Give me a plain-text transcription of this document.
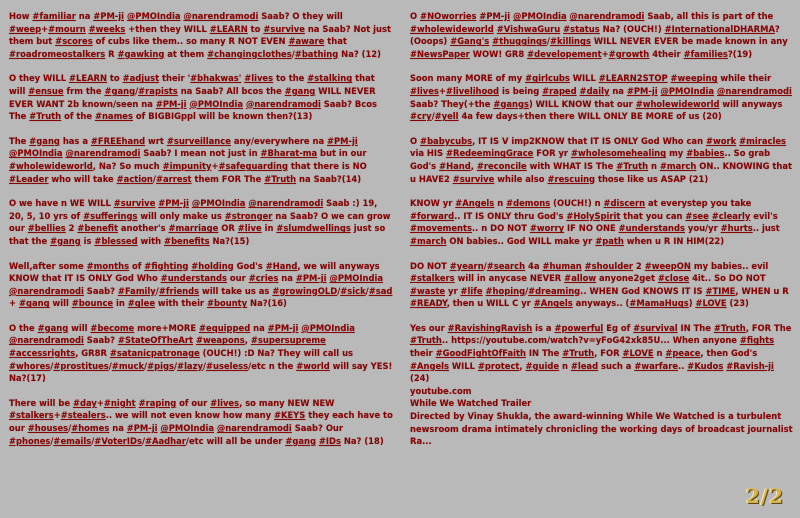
How #familiar na #PM-ji @PMOIndia @narendramodi Saab? O they will #weep+#mourn #weeks +then they WILL #LEARN to #survive na Saab? Not just them but #scores of cubs like them.. so many R NOT EVEN #aware that #roadromeostalkers R #gawking at them #changingclothes/#bathing Na? (12)

O they WILL #LEARN to #adjust their '#bhakwas' #lives to the #stalking that will #ensue frm the #gang/#rapists na Saab? All bcos the #gang WILL NEVER EVER WANT 2b known/seen na #PM-ji @PMOIndia @narendramodi Saab? Bcos The #Truth of the #names of BIGBIGppl will be known then?(13)

The #gang has a #FREEhand wrt #surveillance any/everywhere na #PM-ji @PMOIndia @narendramodi Saab? I mean not just in #Bharat-ma but in our #wholewideworld, Na? So much #impunity+#safeguarding that there is NO #Leader who will take #action/#arrest them FOR The #Truth na Saab?(14)

O we have n WE WILL #survive #PM-ji @PMOIndia @narendramodi Saab :) 19, 20, 5, 10 yrs of #sufferings will only make us #stronger na Saab? O we can grow our #bellies 2 #benefit another's #marriage OR #live in #slumdwellings just so that the #gang is #blessed with #benefits Na?(15)

Well,after some #months of #fighting #holding God's #Hand, we will anyways KNOW that IT IS ONLY God Who #understands our #cries na #PM-ji @PMOIndia @narendramodi Saab? #Family/#friends will take us as #growingOLD/#sick/#sad + #gang will #bounce in #glee with their #bounty Na?(16)

O the #gang will #become more+MORE #equipped na #PM-ji @PMOIndia @narendramodi Saab? #StateOfTheArt #weapons, #supersupreme #accessrights, GR8R #satanicpatronage (OUCH!) :D Na? They will call us #whores/#prostitues/#muck/#pigs/#lazy/#useless/etc n the #world will say YES! Na?(17)

There will be #day+#night #raping of our #lives, so many NEW NEW #stalkers+#stealers.. we will not even know how many #KEYS they each have to our #houses/#homes na #PM-ji @PMOIndia @narendramodi Saab? Our #phones/#emails/#VoterIDs/#Aadhar/etc will all be under #gang #IDs Na? (18)

O #NOworries #PM-ji @PMOIndia @narendramodi Saab, all this is part of the #wholewideworld #VishwaGuru #status Na? (OUCH!) #InternationalDHARMA? (Ooops) #Gang's #thuggings/#killings WILL NEVER EVER be made known in any #NewsPaper WOW! GR8 #developement+#growth 4their #families?(19)

Soon many MORE of my #girlcubs WILL #LEARN2STOP #weeping while their #lives+#livelihood is being #raped #daily na #PM-ji @PMOIndia @narendramodi Saab? They(+the #gangs) WILL KNOW that our #wholewideworld will anyways #cry/#yell 4a few days+then there WILL ONLY BE MORE of us (20)

O #babycubs, IT IS V imp2KNOW that IT IS ONLY God Who can #work #miracles via HIS #RedeemingGrace FOR yr #wholesomehealing my #babies.. So grab God's #Hand, #reconcile with WHAT IS The #Truth n #march ON.. KNOWING that u HAVE2 #survive while also #rescuing those like us ASAP (21)

KNOW yr #Angels n #demons (OUCH!) n #discern at everystep you take #forward.. IT IS ONLY thru God's #HolySpirit that you can #see #clearly evil's #movements.. n DO NOT #worry IF NO ONE #understands you/yr #hurts.. just #march ON babies.. God WILL make yr #path when u R IN HIM(22)

DO NOT #yearn/#search 4a #human #shoulder 2 #weepON my babies.. evil #stalkers will in anycase NEVER #allow anyone2get #close 4it.. So DO NOT #waste yr #life #hoping/#dreaming.. WHEN God KNOWS IT IS #TIME, WHEN u R #READY, then u WILL C yr #Angels anyways.. (#MamaHugs) #LOVE (23)

Yes our #RavishingRavish is a #powerful Eg of #survival IN The #Truth, FOR The #Truth.. https://youtube.com/watch?v=yFoG42xk85U... When anyone #fights their #GoodFightOfFaith IN The #Truth, FOR #LOVE n #peace, then God's #Angels WILL #protect, #guide n #lead such a #warfare.. #Kudos #Ravish-ji (24)
youtube.com
While We Watched Trailer
Directed by Vinay Shukla, the award-winning While We Watched is a turbulent newsroom drama intimately chronicling the working days of broadcast journalist Ra...
2/2
